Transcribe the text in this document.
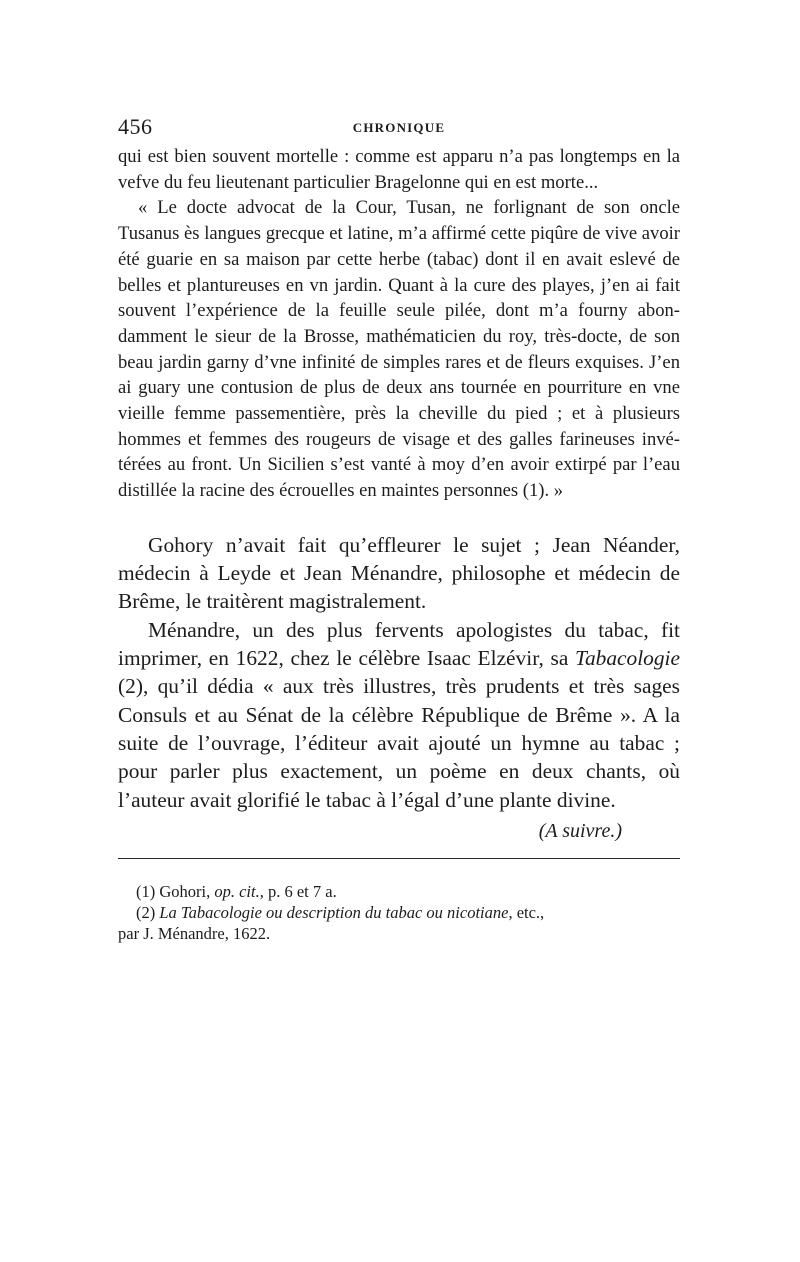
456	CHRONIQUE

qui est bien souvent mortelle : comme est apparu n’a pas longtemps en la vefve du feu lieutenant particulier Bragelonne qui en est morte...

« Le docte advocat de la Cour, Tusan, ne forlignant de son oncle Tusanus ès langues grecque et latine, m’a affirmé cette piqûre de vive avoir été guarie en sa maison par cette herbe (tabac) dont il en avait eslevé de belles et plantureuses en vn jardin. Quant à la cure des playes, j’en ai fait souvent l’expérience de la feuille seule pilée, dont m’a fourny abondamment le sieur de la Brosse, mathématicien du roy, très-docte, de son beau jardin garny d’vne infinité de simples rares et de fleurs exquises. J’en ai guary une contusion de plus de deux ans tournée en pourriture en vne vieille femme passementière, près la cheville du pied ; et à plusieurs hommes et femmes des rougeurs de visage et des galles farineuses invétérées au front. Un Sicilien s’est vanté à moy d’en avoir extirpé par l’eau distillée la racine des écrouelles en maintes personnes (1). »

Gohory n’avait fait qu’effleurer le sujet ; Jean Néander, médecin à Leyde et Jean Ménandre, philosophe et médecin de Brême, le traitèrent magistralement.

Ménandre, un des plus fervents apologistes du tabac, fit imprimer, en 1622, chez le célèbre Isaac Elzévir, sa Tabacologie (2), qu’il dédia « aux très illustres, très prudents et très sages Consuls et au Sénat de la célèbre République de Brême ». A la suite de l’ouvrage, l’éditeur avait ajouté un hymne au tabac ; pour parler plus exactement, un poème en deux chants, où l’auteur avait glorifié le tabac à l’égal d’une plante divine.

(A suivre.)

(1) Gohori, op. cit., p. 6 et 7 a.

(2) La Tabacologie ou description du tabac ou nicotiane, etc.,

par J. Ménandre, 1622.
